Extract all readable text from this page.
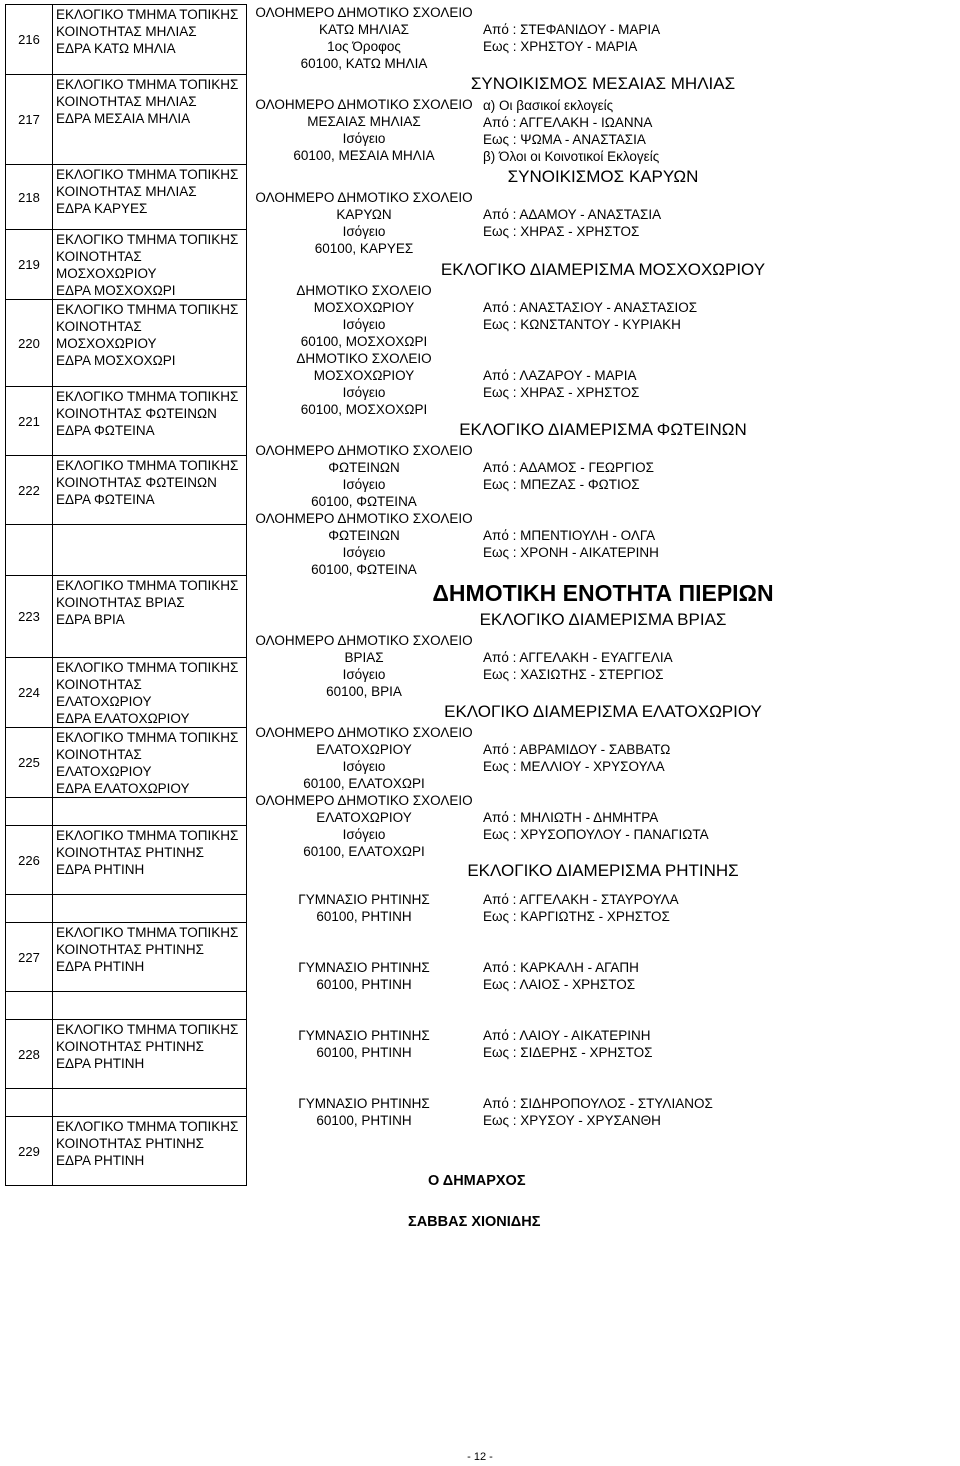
216	ΕΚΛΟΓΙΚΟ ΤΜΗΜΑ ΤΟΠΙΚΗΣ
ΚΟΙΝΟΤΗΤΑΣ ΜΗΛΙΑΣ
ΕΔΡΑ ΚΑΤΩ ΜΗΛΙΑ

217	ΕΚΛΟΓΙΚΟ ΤΜΗΜΑ ΤΟΠΙΚΗΣ
ΚΟΙΝΟΤΗΤΑΣ ΜΗΛΙΑΣ
ΕΔΡΑ ΜΕΣΑΙΑ ΜΗΛΙΑ

218	ΕΚΛΟΓΙΚΟ ΤΜΗΜΑ ΤΟΠΙΚΗΣ
ΚΟΙΝΟΤΗΤΑΣ ΜΗΛΙΑΣ
ΕΔΡΑ ΚΑΡΥΕΣ

219	ΕΚΛΟΓΙΚΟ ΤΜΗΜΑ ΤΟΠΙΚΗΣ
ΚΟΙΝΟΤΗΤΑΣ
ΜΟΣΧΟΧΩΡΙΟΥ
ΕΔΡΑ ΜΟΣΧΟΧΩΡΙ

220	ΕΚΛΟΓΙΚΟ ΤΜΗΜΑ ΤΟΠΙΚΗΣ
ΚΟΙΝΟΤΗΤΑΣ
ΜΟΣΧΟΧΩΡΙΟΥ
ΕΔΡΑ ΜΟΣΧΟΧΩΡΙ

221	ΕΚΛΟΓΙΚΟ ΤΜΗΜΑ ΤΟΠΙΚΗΣ
ΚΟΙΝΟΤΗΤΑΣ ΦΩΤΕΙΝΩΝ
ΕΔΡΑ ΦΩΤΕΙΝΑ

222	ΕΚΛΟΓΙΚΟ ΤΜΗΜΑ ΤΟΠΙΚΗΣ
ΚΟΙΝΟΤΗΤΑΣ ΦΩΤΕΙΝΩΝ
ΕΔΡΑ ΦΩΤΕΙΝΑ

223	ΕΚΛΟΓΙΚΟ ΤΜΗΜΑ ΤΟΠΙΚΗΣ
ΚΟΙΝΟΤΗΤΑΣ ΒΡΙΑΣ
ΕΔΡΑ ΒΡΙΑ

224	ΕΚΛΟΓΙΚΟ ΤΜΗΜΑ ΤΟΠΙΚΗΣ
ΚΟΙΝΟΤΗΤΑΣ
ΕΛΑΤΟΧΩΡΙΟΥ
ΕΔΡΑ ΕΛΑΤΟΧΩΡΙΟΥ

225	ΕΚΛΟΓΙΚΟ ΤΜΗΜΑ ΤΟΠΙΚΗΣ
ΚΟΙΝΟΤΗΤΑΣ
ΕΛΑΤΟΧΩΡΙΟΥ
ΕΔΡΑ ΕΛΑΤΟΧΩΡΙΟΥ

226	ΕΚΛΟΓΙΚΟ ΤΜΗΜΑ ΤΟΠΙΚΗΣ
ΚΟΙΝΟΤΗΤΑΣ ΡΗΤΙΝΗΣ
ΕΔΡΑ ΡΗΤΙΝΗ

227	ΕΚΛΟΓΙΚΟ ΤΜΗΜΑ ΤΟΠΙΚΗΣ
ΚΟΙΝΟΤΗΤΑΣ ΡΗΤΙΝΗΣ
ΕΔΡΑ ΡΗΤΙΝΗ

228	ΕΚΛΟΓΙΚΟ ΤΜΗΜΑ ΤΟΠΙΚΗΣ
ΚΟΙΝΟΤΗΤΑΣ ΡΗΤΙΝΗΣ
ΕΔΡΑ ΡΗΤΙΝΗ

229	ΕΚΛΟΓΙΚΟ ΤΜΗΜΑ ΤΟΠΙΚΗΣ
ΚΟΙΝΟΤΗΤΑΣ ΡΗΤΙΝΗΣ
ΕΔΡΑ ΡΗΤΙΝΗ
ΟΛΟΗΜΕΡΟ ΔΗΜΟΤΙΚΟ ΣΧΟΛΕΙΟ
ΚΑΤΩ ΜΗΛΙΑΣ
1ος Όροφος
60100, ΚΑΤΩ ΜΗΛΙΑ
Από : ΣΤΕΦΑΝΙΔΟΥ - ΜΑΡΙΑ
Εως : ΧΡΗΣΤΟΥ - ΜΑΡΙΑ
ΣΥΝΟΙΚΙΣΜΟΣ ΜΕΣΑΙΑΣ ΜΗΛΙΑΣ
ΟΛΟΗΜΕΡΟ ΔΗΜΟΤΙΚΟ ΣΧΟΛΕΙΟ
ΜΕΣΑΙΑΣ ΜΗΛΙΑΣ
Ισόγειο
60100, ΜΕΣΑΙΑ ΜΗΛΙΑ
α) Οι βασικοί εκλογείς
Από : ΑΓΓΕΛΑΚΗ - ΙΩΑΝΝΑ
Εως : ΨΩΜΑ - ΑΝΑΣΤΑΣΙΑ
β) Όλοι οι Κοινοτικοί Εκλογείς
ΣΥΝΟΙΚΙΣΜΟΣ ΚΑΡΥΩΝ
ΟΛΟΗΜΕΡΟ ΔΗΜΟΤΙΚΟ ΣΧΟΛΕΙΟ
ΚΑΡΥΩΝ
Ισόγειο
60100, ΚΑΡΥΕΣ
Από : ΑΔΑΜΟΥ - ΑΝΑΣΤΑΣΙΑ
Εως : ΧΗΡΑΣ - ΧΡΗΣΤΟΣ
ΕΚΛΟΓΙΚΟ ΔΙΑΜΕΡΙΣΜΑ ΜΟΣΧΟΧΩΡΙΟΥ
ΔΗΜΟΤΙΚΟ ΣΧΟΛΕΙΟ
ΜΟΣΧΟΧΩΡΙΟΥ
Ισόγειο
60100, ΜΟΣΧΟΧΩΡΙ
Από : ΑΝΑΣΤΑΣΙΟΥ - ΑΝΑΣΤΑΣΙΟΣ
Εως : ΚΩΝΣΤΑΝΤΟΥ - ΚΥΡΙΑΚΗ
ΔΗΜΟΤΙΚΟ ΣΧΟΛΕΙΟ
ΜΟΣΧΟΧΩΡΙΟΥ
Ισόγειο
60100, ΜΟΣΧΟΧΩΡΙ
Από : ΛΑΖΑΡΟΥ - ΜΑΡΙΑ
Εως : ΧΗΡΑΣ - ΧΡΗΣΤΟΣ
ΕΚΛΟΓΙΚΟ ΔΙΑΜΕΡΙΣΜΑ ΦΩΤΕΙΝΩΝ
ΟΛΟΗΜΕΡΟ ΔΗΜΟΤΙΚΟ ΣΧΟΛΕΙΟ
ΦΩΤΕΙΝΩΝ
Ισόγειο
60100, ΦΩΤΕΙΝΑ
Από : ΑΔΑΜΟΣ - ΓΕΩΡΓΙΟΣ
Εως : ΜΠΕΖΑΣ - ΦΩΤΙΟΣ
ΟΛΟΗΜΕΡΟ ΔΗΜΟΤΙΚΟ ΣΧΟΛΕΙΟ
ΦΩΤΕΙΝΩΝ
Ισόγειο
60100, ΦΩΤΕΙΝΑ
Από : ΜΠΕΝΤΙΟΥΛΗ - ΟΛΓΑ
Εως : ΧΡΟΝΗ - ΑΙΚΑΤΕΡΙΝΗ
ΔΗΜΟΤΙΚΗ ΕΝΟΤΗΤΑ ΠΙΕΡΙΩΝ
ΕΚΛΟΓΙΚΟ ΔΙΑΜΕΡΙΣΜΑ ΒΡΙΑΣ
ΟΛΟΗΜΕΡΟ ΔΗΜΟΤΙΚΟ ΣΧΟΛΕΙΟ
ΒΡΙΑΣ
Ισόγειο
60100, ΒΡΙΑ
Από : ΑΓΓΕΛΑΚΗ - ΕΥΑΓΓΕΛΙΑ
Εως : ΧΑΣΙΩΤΗΣ - ΣΤΕΡΓΙΟΣ
ΕΚΛΟΓΙΚΟ ΔΙΑΜΕΡΙΣΜΑ ΕΛΑΤΟΧΩΡΙΟΥ
ΟΛΟΗΜΕΡΟ ΔΗΜΟΤΙΚΟ ΣΧΟΛΕΙΟ
ΕΛΑΤΟΧΩΡΙΟΥ
Ισόγειο
60100, ΕΛΑΤΟΧΩΡΙ
Από : ΑΒΡΑΜΙΔΟΥ - ΣΑΒΒΑΤΩ
Εως : ΜΕΛΛΙΟΥ - ΧΡΥΣΟΥΛΑ
ΟΛΟΗΜΕΡΟ ΔΗΜΟΤΙΚΟ ΣΧΟΛΕΙΟ
ΕΛΑΤΟΧΩΡΙΟΥ
Ισόγειο
60100, ΕΛΑΤΟΧΩΡΙ
Από : ΜΗΛΙΩΤΗ - ΔΗΜΗΤΡΑ
Εως : ΧΡΥΣΟΠΟΥΛΟΥ - ΠΑΝΑΓΙΩΤΑ
ΕΚΛΟΓΙΚΟ ΔΙΑΜΕΡΙΣΜΑ ΡΗΤΙΝΗΣ
ΓΥΜΝΑΣΙΟ ΡΗΤΙΝΗΣ
60100, ΡΗΤΙΝΗ
Από : ΑΓΓΕΛΑΚΗ - ΣΤΑΥΡΟΥΛΑ
Εως : ΚΑΡΓΙΩΤΗΣ - ΧΡΗΣΤΟΣ
ΓΥΜΝΑΣΙΟ ΡΗΤΙΝΗΣ
60100, ΡΗΤΙΝΗ
Από : ΚΑΡΚΑΛΗ - ΑΓΑΠΗ
Εως : ΛΑΙΟΣ - ΧΡΗΣΤΟΣ
ΓΥΜΝΑΣΙΟ ΡΗΤΙΝΗΣ
60100, ΡΗΤΙΝΗ
Από : ΛΑΙΟΥ - ΑΙΚΑΤΕΡΙΝΗ
Εως : ΣΙΔΕΡΗΣ - ΧΡΗΣΤΟΣ
ΓΥΜΝΑΣΙΟ ΡΗΤΙΝΗΣ
60100, ΡΗΤΙΝΗ
Από : ΣΙΔΗΡΟΠΟΥΛΟΣ - ΣΤΥΛΙΑΝΟΣ
Εως : ΧΡΥΣΟΥ - ΧΡΥΣΑΝΘΗ
Ο ΔΗΜΑΡΧΟΣ
ΣΑΒΒΑΣ ΧΙΟΝΙΔΗΣ
- 12 -
